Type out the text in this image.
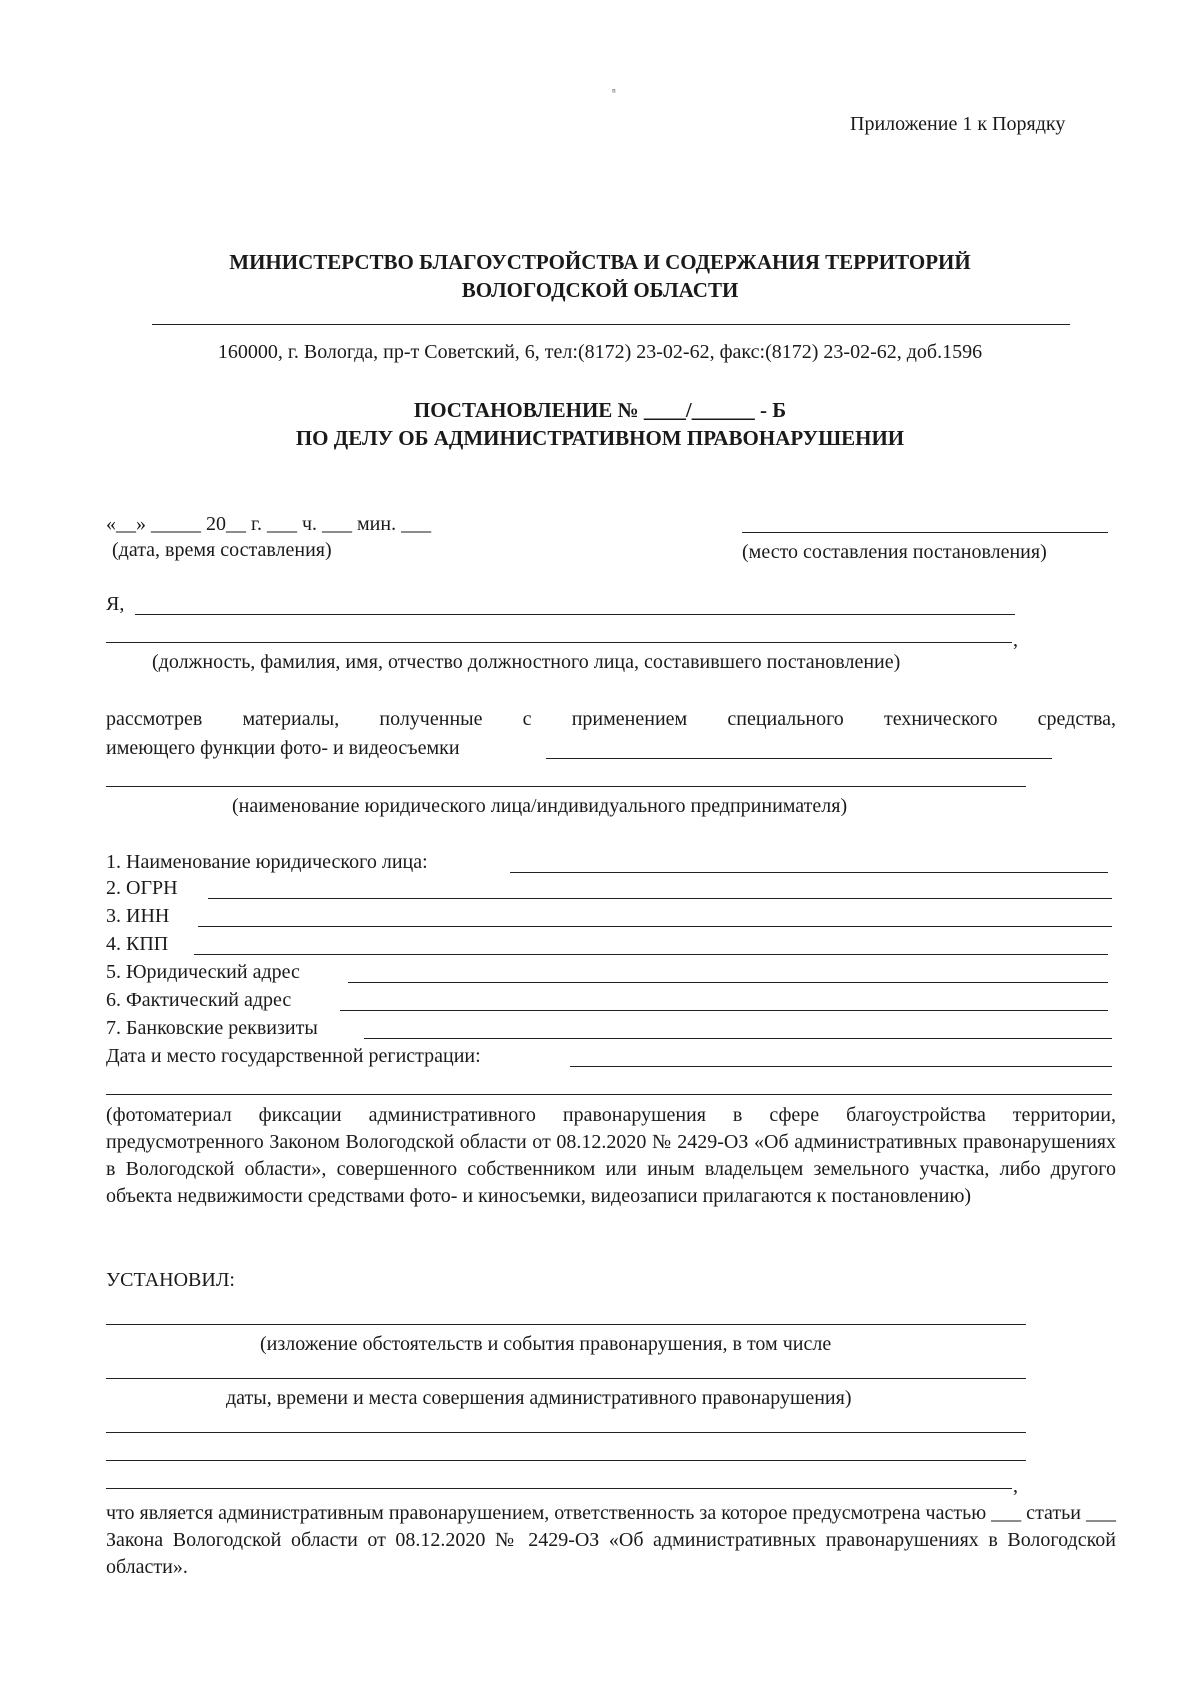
ⁿ
Приложение 1 к Порядку
МИНИСТЕРСТВО БЛАГОУСТРОЙСТВА И СОДЕРЖАНИЯ ТЕРРИТОРИЙ
ВОЛОГОДСКОЙ ОБЛАСТИ
160000, г. Вологда, пр-т Советский, 6, тел:(8172) 23-02-62, факс:(8172) 23-02-62, доб.1596
ПОСТАНОВЛЕНИЕ № ____/______ - Б
ПО ДЕЛУ ОБ АДМИНИСТРАТИВНОМ ПРАВОНАРУШЕНИИ
«__» _____ 20__ г. ___ ч. ___ мин. ___
(дата, время составления)	(место составления постановления)
Я,
,
(должность, фамилия, имя, отчество должностного лица, составившего постановление)
рассмотрев материалы, полученные с применением специального технического средства,
имеющего функции фото- и видеосъемки
(наименование юридического лица/индивидуального предпринимателя)
1. Наименование юридического лица:
2. ОГРН
3. ИНН
4. КПП
5. Юридический адрес
6. Фактический адрес
7. Банковские реквизиты
Дата и место государственной регистрации:
(фотоматериал фиксации административного правонарушения в сфере благоустройства территории, предусмотренного Законом Вологодской области от 08.12.2020 № 2429-ОЗ «Об административных правонарушениях в Вологодской области», совершенного собственником или иным владельцем земельного участка, либо другого объекта недвижимости средствами фото- и киносъемки, видеозаписи прилагаются к постановлению)
УСТАНОВИЛ:
(изложение обстоятельств и события правонарушения, в том числе
даты, времени и места совершения административного правонарушения)
,
что является административным правонарушением, ответственность за которое предусмотрена частью ___ статьи ___ Закона Вологодской области от 08.12.2020 № 2429-ОЗ «Об административных правонарушениях в Вологодской области».
